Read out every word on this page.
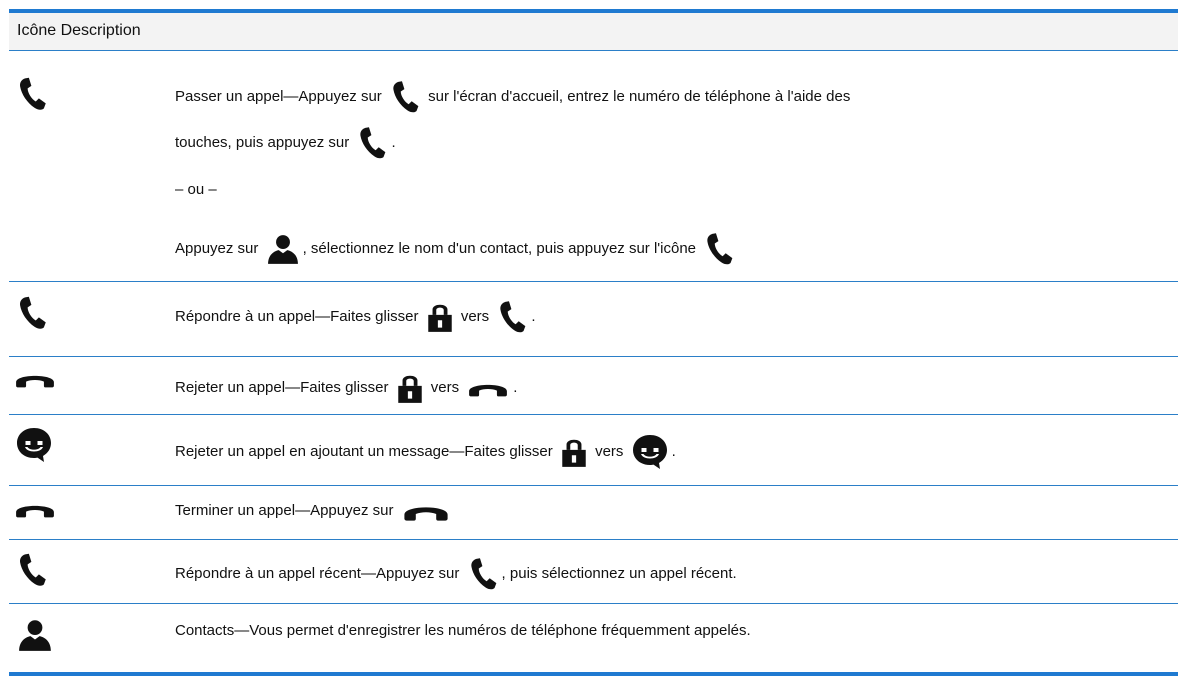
Icône Description
Passer un appel—Appuyez sur	sur l'écran d'accueil, entrez le numéro de téléphone à l'aide des
touches, puis appuyez sur	.
– ou –
Appuyez sur	, sélectionnez le nom d'un contact, puis appuyez sur l'icône
Répondre à un appel—Faites glisser	vers	.
Rejeter un appel—Faites glisser	vers	.
Rejeter un appel en ajoutant un message—Faites glisser	vers	.
Terminer un appel—Appuyez sur
Répondre à un appel récent—Appuyez sur	, puis sélectionnez un appel récent.
Contacts—Vous permet d'enregistrer les numéros de téléphone fréquemment appelés.
